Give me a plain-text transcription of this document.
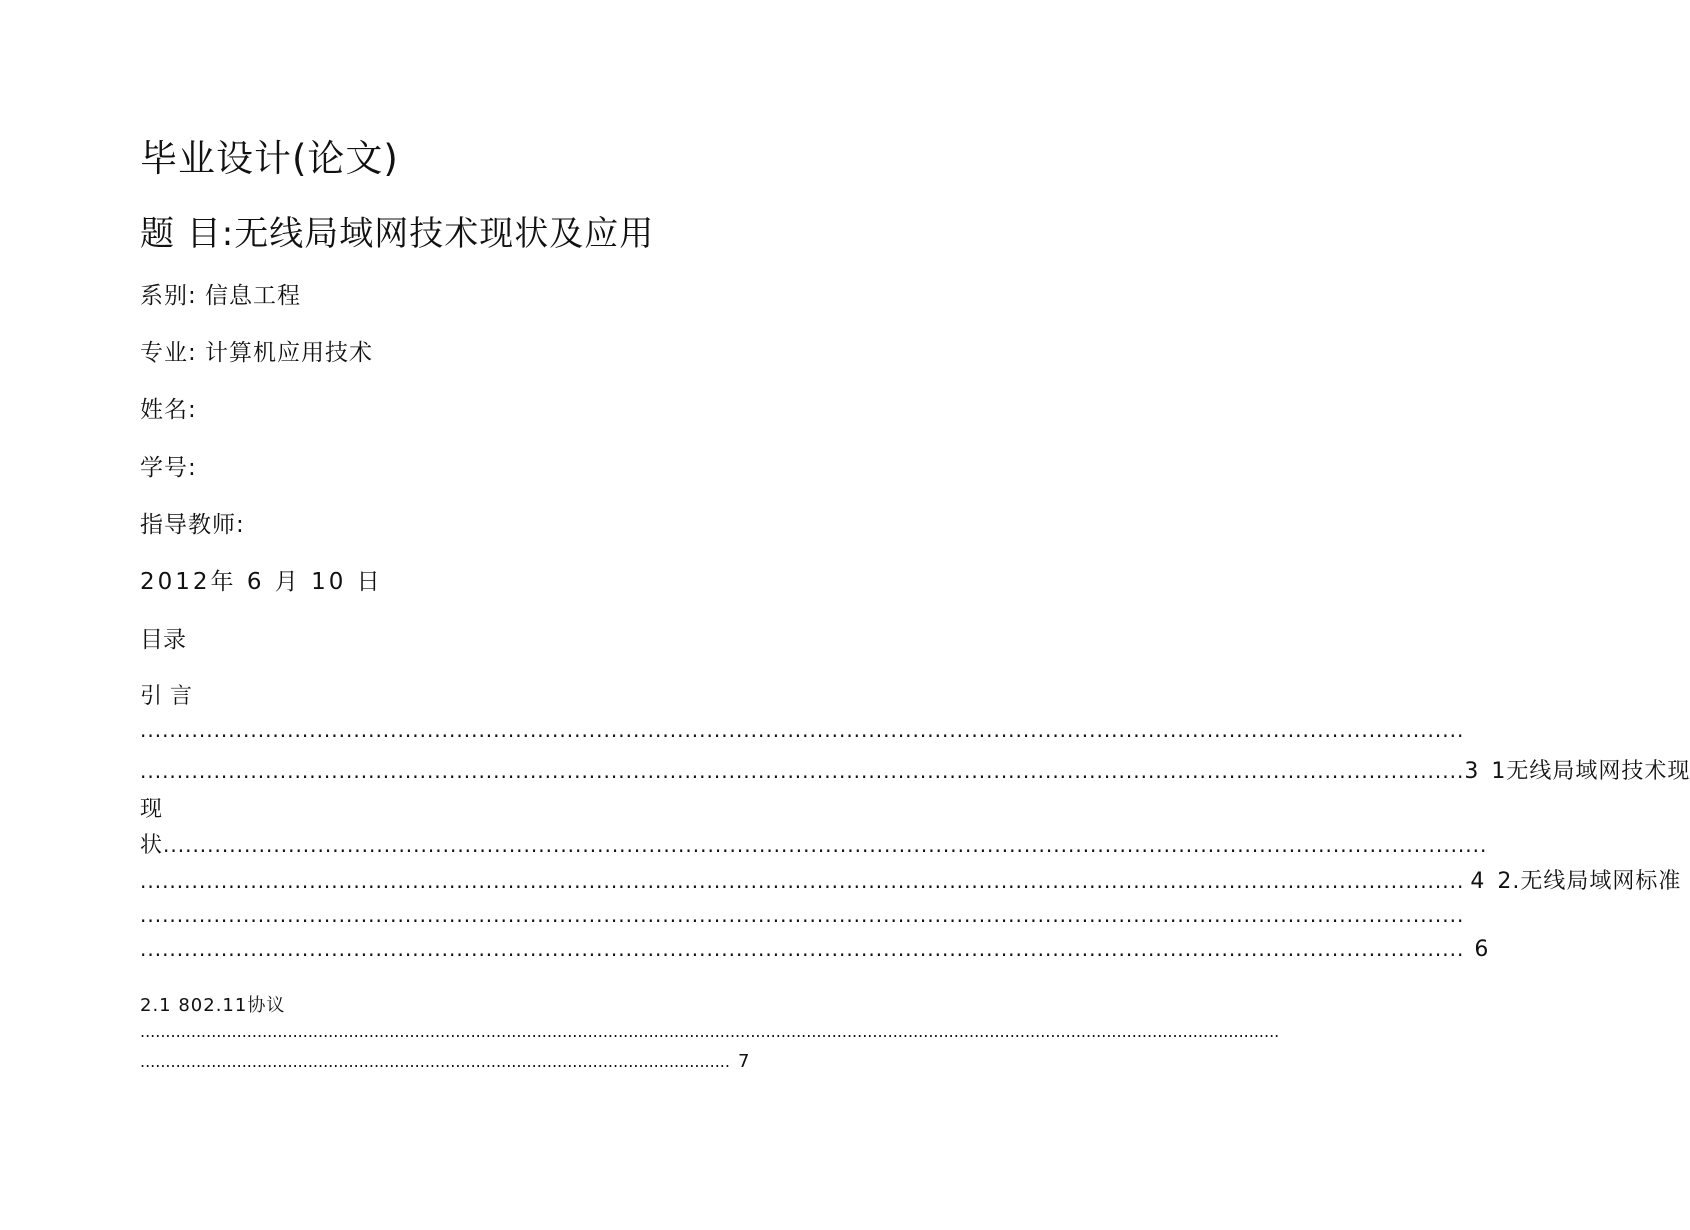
毕业设计(论文)
题 目:无线局域网技术现状及应用

系别: 信息工程

专业: 计算机应用技术

姓名:

学号:

指导教师:

2012年 6 月 10 日

目录

引言

....................................................................................................................................................................................
.................................................................................................................................................................................... 3 1无线局域网技术现
现
状 ....................................................................................................................................................................................
.................................................................................................................................................................................... 4 2.无线局域网标准
....................................................................................................................................................................................
.................................................................................................................................................................................... 6

2.1 802.11协议

................................................................................................................................................................................................................................
.................................................................................................................... 7
